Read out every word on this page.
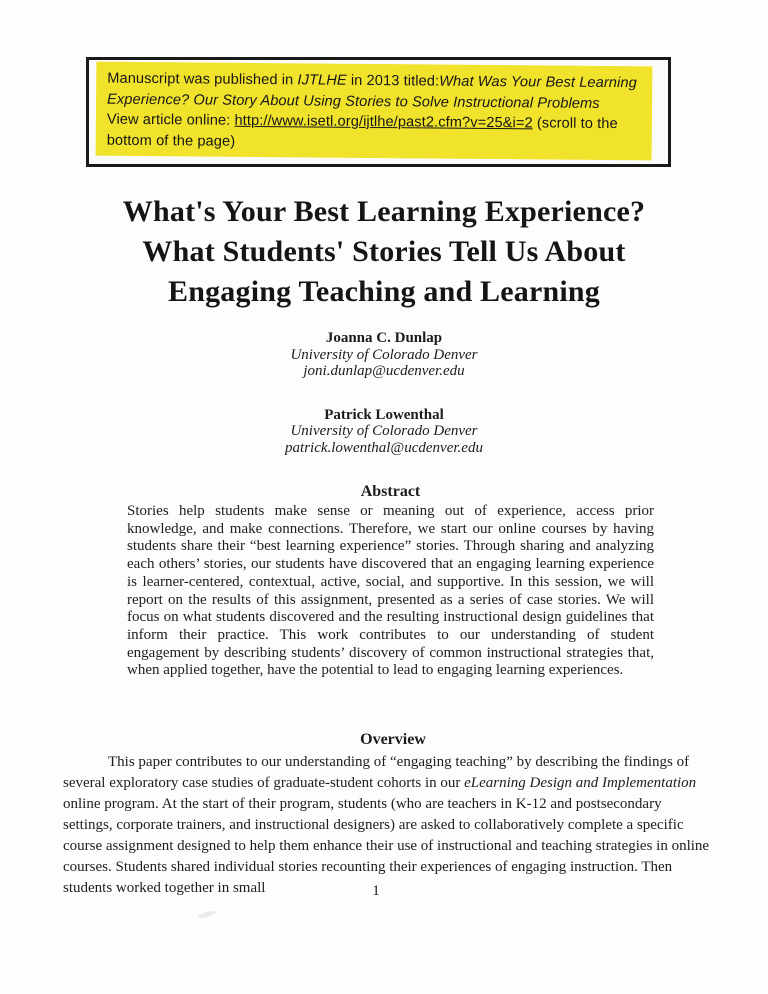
Manuscript was published in IJTLHE in 2013 titled:What Was Your Best Learning Experience? Our Story About Using Stories to Solve Instructional Problems
View article online: http://www.isetl.org/ijtlhe/past2.cfm?v=25&i=2 (scroll to the bottom of the page)
What's Your Best Learning Experience?
What Students' Stories Tell Us About
Engaging Teaching and Learning
Joanna C. Dunlap
University of Colorado Denver
joni.dunlap@ucdenver.edu
Patrick Lowenthal
University of Colorado Denver
patrick.lowenthal@ucdenver.edu
Abstract
Stories help students make sense or meaning out of experience, access prior knowledge, and make connections. Therefore, we start our online courses by having students share their “best learning experience” stories. Through sharing and analyzing each others’ stories, our students have discovered that an engaging learning experience is learner-centered, contextual, active, social, and supportive. In this session, we will report on the results of this assignment, presented as a series of case stories. We will focus on what students discovered and the resulting instructional design guidelines that inform their practice. This work contributes to our understanding of student engagement by describing students’ discovery of common instructional strategies that, when applied together, have the potential to lead to engaging learning experiences.
Overview
This paper contributes to our understanding of “engaging teaching” by describing the findings of several exploratory case studies of graduate-student cohorts in our eLearning Design and Implementation online program. At the start of their program, students (who are teachers in K-12 and postsecondary settings, corporate trainers, and instructional designers) are asked to collaboratively complete a specific course assignment designed to help them enhance their use of instructional and teaching strategies in online courses. Students shared individual stories recounting their experiences of engaging instruction. Then students worked together in small	1
